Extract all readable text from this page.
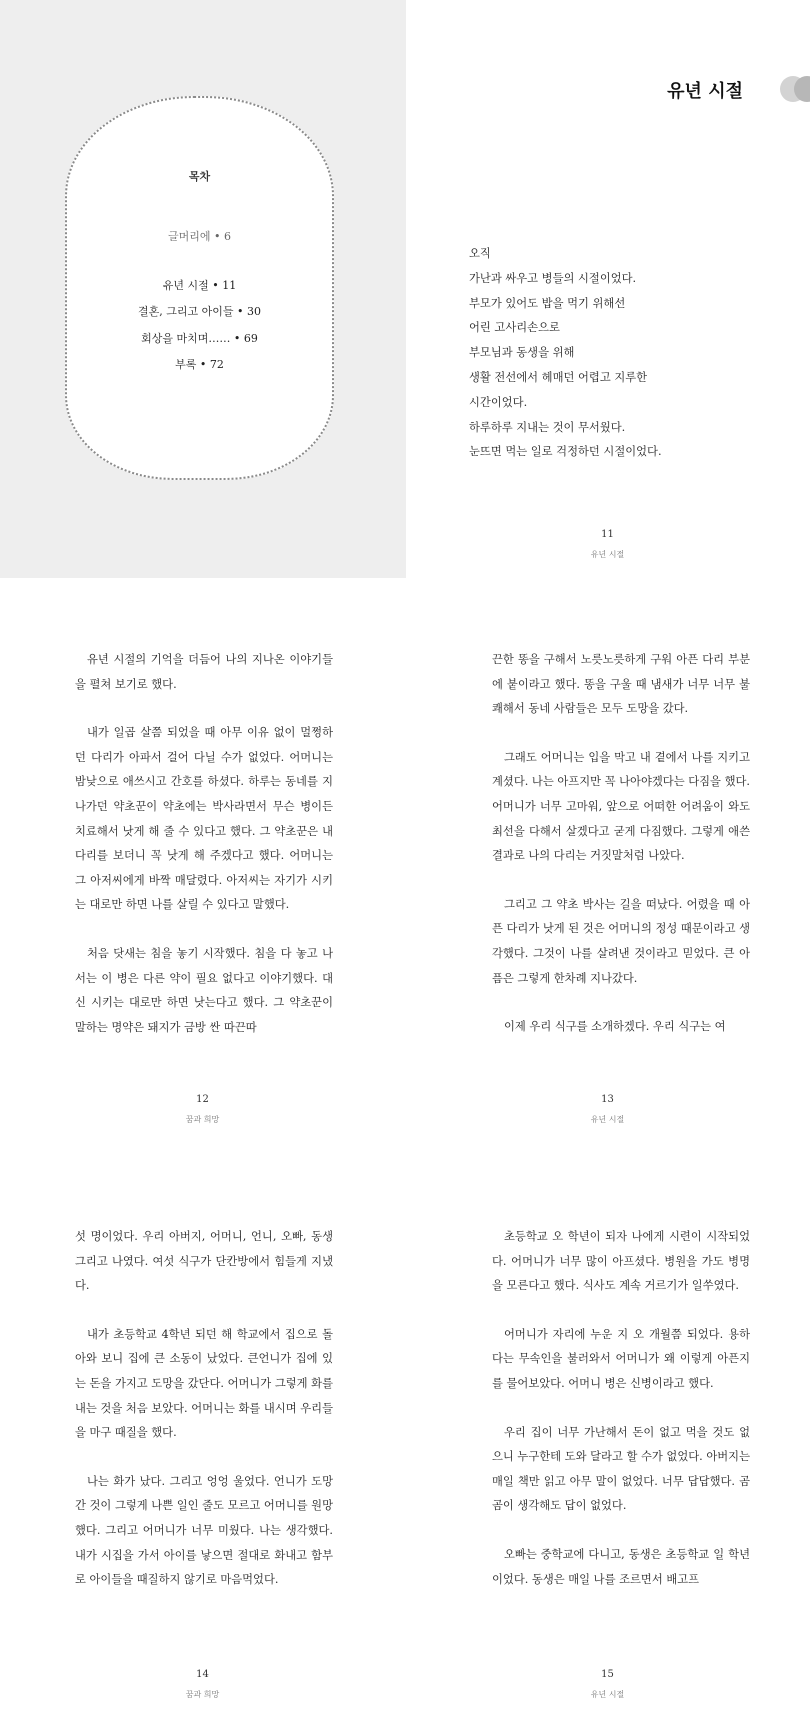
목차
글머리에 • 6
유년 시절 • 11
결혼, 그리고 아이들 • 30
회상을 마치며…… • 69
부록 • 72
유년 시절
오직
가난과 싸우고 병들의 시절이었다.
부모가 있어도 밥을 먹기 위해선
어린 고사리손으로
부모님과 동생을 위해
생활 전선에서 헤매던 어렵고 지루한
시간이었다.
하루하루 지내는 것이 무서웠다.
눈뜨면 먹는 일로 걱정하던 시절이었다.
11
유년 시절

유년 시절의 기억을 더듬어 나의 지나온 이야기들을 펼쳐 보기로 했다.

내가 일곱 살쯤 되었을 때 아무 이유 없이 멀쩡하던 다리가 아파서 걸어 다닐 수가 없었다. 어머니는 밤낮으로 애쓰시고 간호를 하셨다. 하루는 동네를 지나가던 약초꾼이 약초에는 박사라면서 무슨 병이든 치료해서 낫게 해 줄 수 있다고 했다. 그 약초꾼은 내 다리를 보더니 꼭 낫게 해 주겠다고 했다. 어머니는 그 아저씨에게 바짝 매달렸다. 아저씨는 자기가 시키는 대로만 하면 나를 살릴 수 있다고 말했다.

처음 닷새는 침을 놓기 시작했다. 침을 다 놓고 나서는 이 병은 다른 약이 필요 없다고 이야기했다. 대신 시키는 대로만 하면 낫는다고 했다. 그 약초꾼이 말하는 명약은 돼지가 금방 싼 따끈따

12
꿈과 희망

끈한 똥을 구해서 노릇노릇하게 구워 아픈 다리 부분에 붙이라고 했다. 똥을 구울 때 냄새가 너무 너무 불쾌해서 동네 사람들은 모두 도망을 갔다.

그래도 어머니는 입을 막고 내 곁에서 나를 지키고 계셨다. 나는 아프지만 꼭 나아야겠다는 다짐을 했다. 어머니가 너무 고마워, 앞으로 어떠한 어려움이 와도 최선을 다해서 살겠다고 굳게 다짐했다. 그렇게 애쓴 결과로 나의 다리는 거짓말처럼 나았다.

그리고 그 약초 박사는 길을 떠났다. 어렸을 때 아픈 다리가 낫게 된 것은 어머니의 정성 때문이라고 생각했다. 그것이 나를 살려낸 것이라고 믿었다. 큰 아픔은 그렇게 한차례 지나갔다.

이제 우리 식구를 소개하겠다. 우리 식구는 여

13
유년 시절

섯 명이었다. 우리 아버지, 어머니, 언니, 오빠, 동생 그리고 나였다. 여섯 식구가 단칸방에서 힘들게 지냈다.

내가 초등학교 4학년 되던 해 학교에서 집으로 돌아와 보니 집에 큰 소동이 났었다. 큰언니가 집에 있는 돈을 가지고 도망을 갔단다. 어머니가 그렇게 화를 내는 것을 처음 보았다. 어머니는 화를 내시며 우리들을 마구 때질을 했다.

나는 화가 났다. 그리고 엉엉 울었다. 언니가 도망간 것이 그렇게 나쁜 일인 줄도 모르고 어머니를 원망했다. 그리고 어머니가 너무 미웠다. 나는 생각했다. 내가 시집을 가서 아이를 낳으면 절대로 화내고 함부로 아이들을 때질하지 않기로 마음먹었다.

14
꿈과 희망

초등학교 오 학년이 되자 나에게 시련이 시작되었다. 어머니가 너무 많이 아프셨다. 병원을 가도 병명을 모른다고 했다. 식사도 계속 거르기가 일쑤였다.

어머니가 자리에 누운 지 오 개월쯤 되었다. 용하다는 무속인을 불러와서 어머니가 왜 이렇게 아픈지를 물어보았다. 어머니 병은 신병이라고 했다.

우리 집이 너무 가난해서 돈이 없고 먹을 것도 없으니 누구한테 도와 달라고 할 수가 없었다. 아버지는 매일 책만 읽고 아무 말이 없었다. 너무 답답했다. 곰곰이 생각해도 답이 없었다.

오빠는 중학교에 다니고, 동생은 초등학교 일 학년이었다. 동생은 매일 나를 조르면서 배고프

15
유년 시절
